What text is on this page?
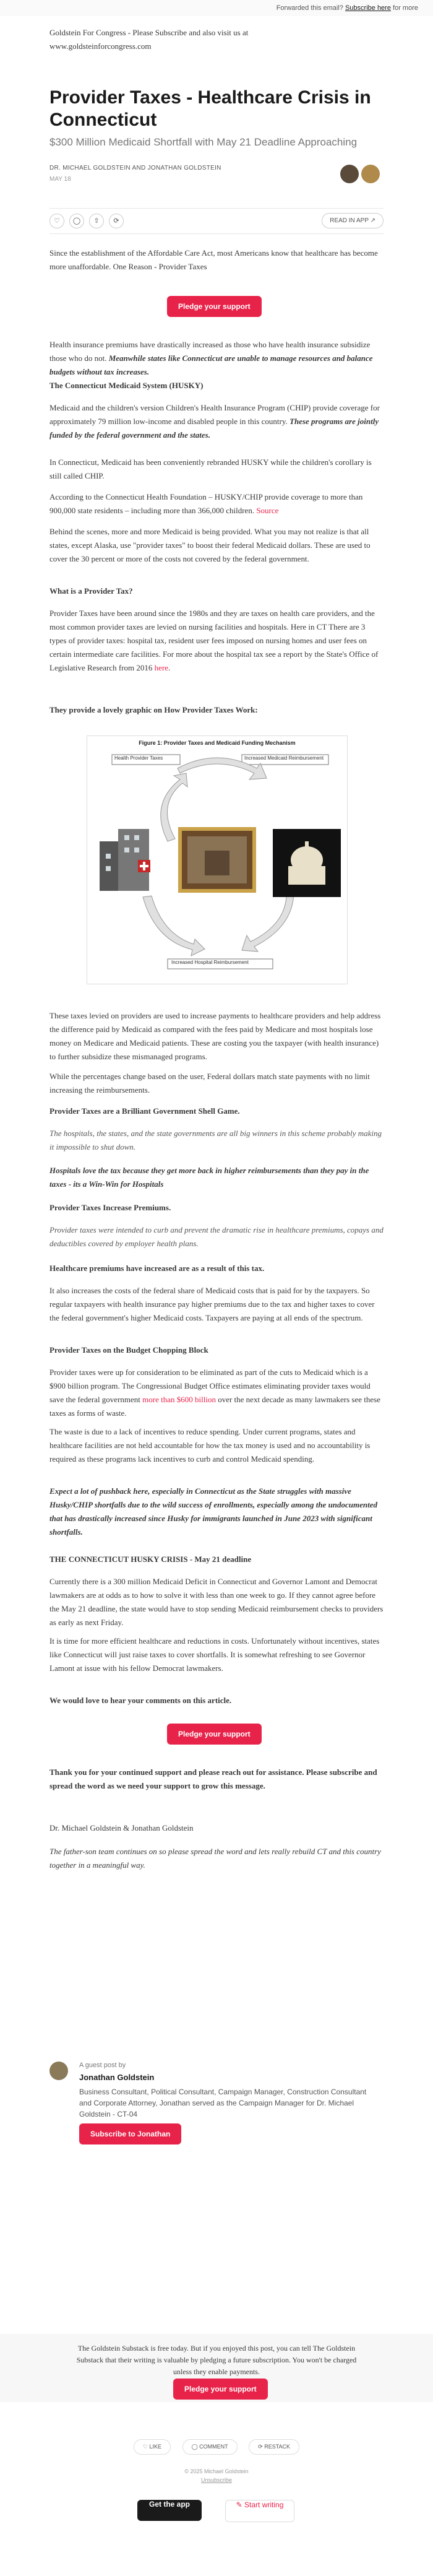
Forwarded this email? Subscribe here for more
Goldstein For Congress - Please Subscribe and also visit us at
www.goldsteinforcongress.com
Provider Taxes - Healthcare Crisis in Connecticut
$300 Million Medicaid Shortfall with May 21 Deadline Approaching
DR. MICHAEL GOLDSTEIN AND JONATHAN GOLDSTEIN
MAY 18
♡	◯	⇧	⟳	READ IN APP ↗

Since the establishment of the Affordable Care Act, most Americans know that healthcare has become more unaffordable. One Reason - Provider Taxes

Pledge your support

Health insurance premiums have drastically increased as those who have health insurance subsidize those who do not. Meanwhile states like Connecticut are unable to manage resources and balance budgets without tax increases.

The Connecticut Medicaid System (HUSKY)

Medicaid and the children's version Children's Health Insurance Program (CHIP) provide coverage for approximately 79 million low-income and disabled people in this country. These programs are jointly funded by the federal government and the states.

In Connecticut, Medicaid has been conveniently rebranded HUSKY while the children's corollary is still called CHIP.

According to the Connecticut Health Foundation – HUSKY/CHIP provide coverage to more than 900,000 state residents – including more than 366,000 children. Source

Behind the scenes, more and more Medicaid is being provided. What you may not realize is that all states, except Alaska, use "provider taxes" to boost their federal Medicaid dollars. These are used to cover the 30 percent or more of the costs not covered by the federal government.

What is a Provider Tax?

Provider Taxes have been around since the 1980s and they are taxes on health care providers, and the most common provider taxes are levied on nursing facilities and hospitals. Here in CT There are 3 types of provider taxes: hospital tax, resident user fees imposed on nursing homes and user fees on certain intermediate care facilities. For more about the hospital tax see a report by the State's Office of Legislative Research from 2016 here.

They provide a lovely graphic on How Provider Taxes Work:
Figure 1: Provider Taxes and Medicaid Funding Mechanism
Health Provider Taxes	Increased Medicaid Reimbursement
Increased Hospital Reimbursement

These taxes levied on providers are used to increase payments to healthcare providers and help address the difference paid by Medicaid as compared with the fees paid by Medicare and most hospitals lose money on Medicare and Medicaid patients. These are costing you the taxpayer (with health insurance) to further subsidize these mismanaged programs.

While the percentages change based on the user, Federal dollars match state payments with no limit increasing the reimbursements.

Provider Taxes are a Brilliant Government Shell Game.

The hospitals, the states, and the state governments are all big winners in this scheme probably making it impossible to shut down.

Hospitals love the tax because they get more back in higher reimbursements than they pay in the taxes - its a Win-Win for Hospitals
Provider Taxes Increase Premiums.

Provider taxes were intended to curb and prevent the dramatic rise in healthcare premiums, copays and deductibles covered by employer health plans.

Healthcare premiums have increased are as a result of this tax.

It also increases the costs of the federal share of Medicaid costs that is paid for by the taxpayers. So regular taxpayers with health insurance pay higher premiums due to the tax and higher taxes to cover the federal government's higher Medicaid costs. Taxpayers are paying at all ends of the spectrum.

Provider Taxes on the Budget Chopping Block

Provider taxes were up for consideration to be eliminated as part of the cuts to Medicaid which is a $900 billion program. The Congressional Budget Office estimates eliminating provider taxes would save the federal government more than $600 billion over the next decade as many lawmakers see these taxes as forms of waste.

The waste is due to a lack of incentives to reduce spending. Under current programs, states and healthcare facilities are not held accountable for how the tax money is used and no accountability is required as these programs lack incentives to curb and control Medicaid spending.

Expect a lot of pushback here, especially in Connecticut as the State struggles with massive Husky/CHIP shortfalls due to the wild success of enrollments, especially among the undocumented that has drastically increased since Husky for immigrants launched in June 2023 with significant shortfalls.

THE CONNECTICUT HUSKY CRISIS - May 21 deadline

Currently there is a 300 million Medicaid Deficit in Connecticut and Governor Lamont and Democrat lawmakers are at odds as to how to solve it with less than one week to go. If they cannot agree before the May 21 deadline, the state would have to stop sending Medicaid reimbursement checks to providers as early as next Friday.

It is time for more efficient healthcare and reductions in costs. Unfortunately without incentives, states like Connecticut will just raise taxes to cover shortfalls. It is somewhat refreshing to see Governor Lamont at issue with his fellow Democrat lawmakers.

We would love to hear your comments on this article.
Pledge your support
Thank you for your continued support and please reach out for assistance. Please subscribe and spread the word as we need your support to grow this message.

Dr. Michael Goldstein & Jonathan Goldstein

The father-son team continues on so please spread the word and lets really rebuild CT and this country together in a meaningful way.

A guest post by
Jonathan Goldstein
Business Consultant, Political Consultant, Campaign Manager, Construction Consultant and Corporate Attorney, Jonathan served as the Campaign Manager for Dr. Michael Goldstein - CT-04
Subscribe to Jonathan
The Goldstein Substack is free today. But if you enjoyed this post, you can tell The Goldstein Substack that their writing is valuable by pledging a future subscription. You won't be charged unless they enable payments.
Pledge your support
♡ LIKE	◯ COMMENT	⟳ RESTACK
© 2025 Michael Goldstein
Unsubscribe
Get the app	✎ Start writing
